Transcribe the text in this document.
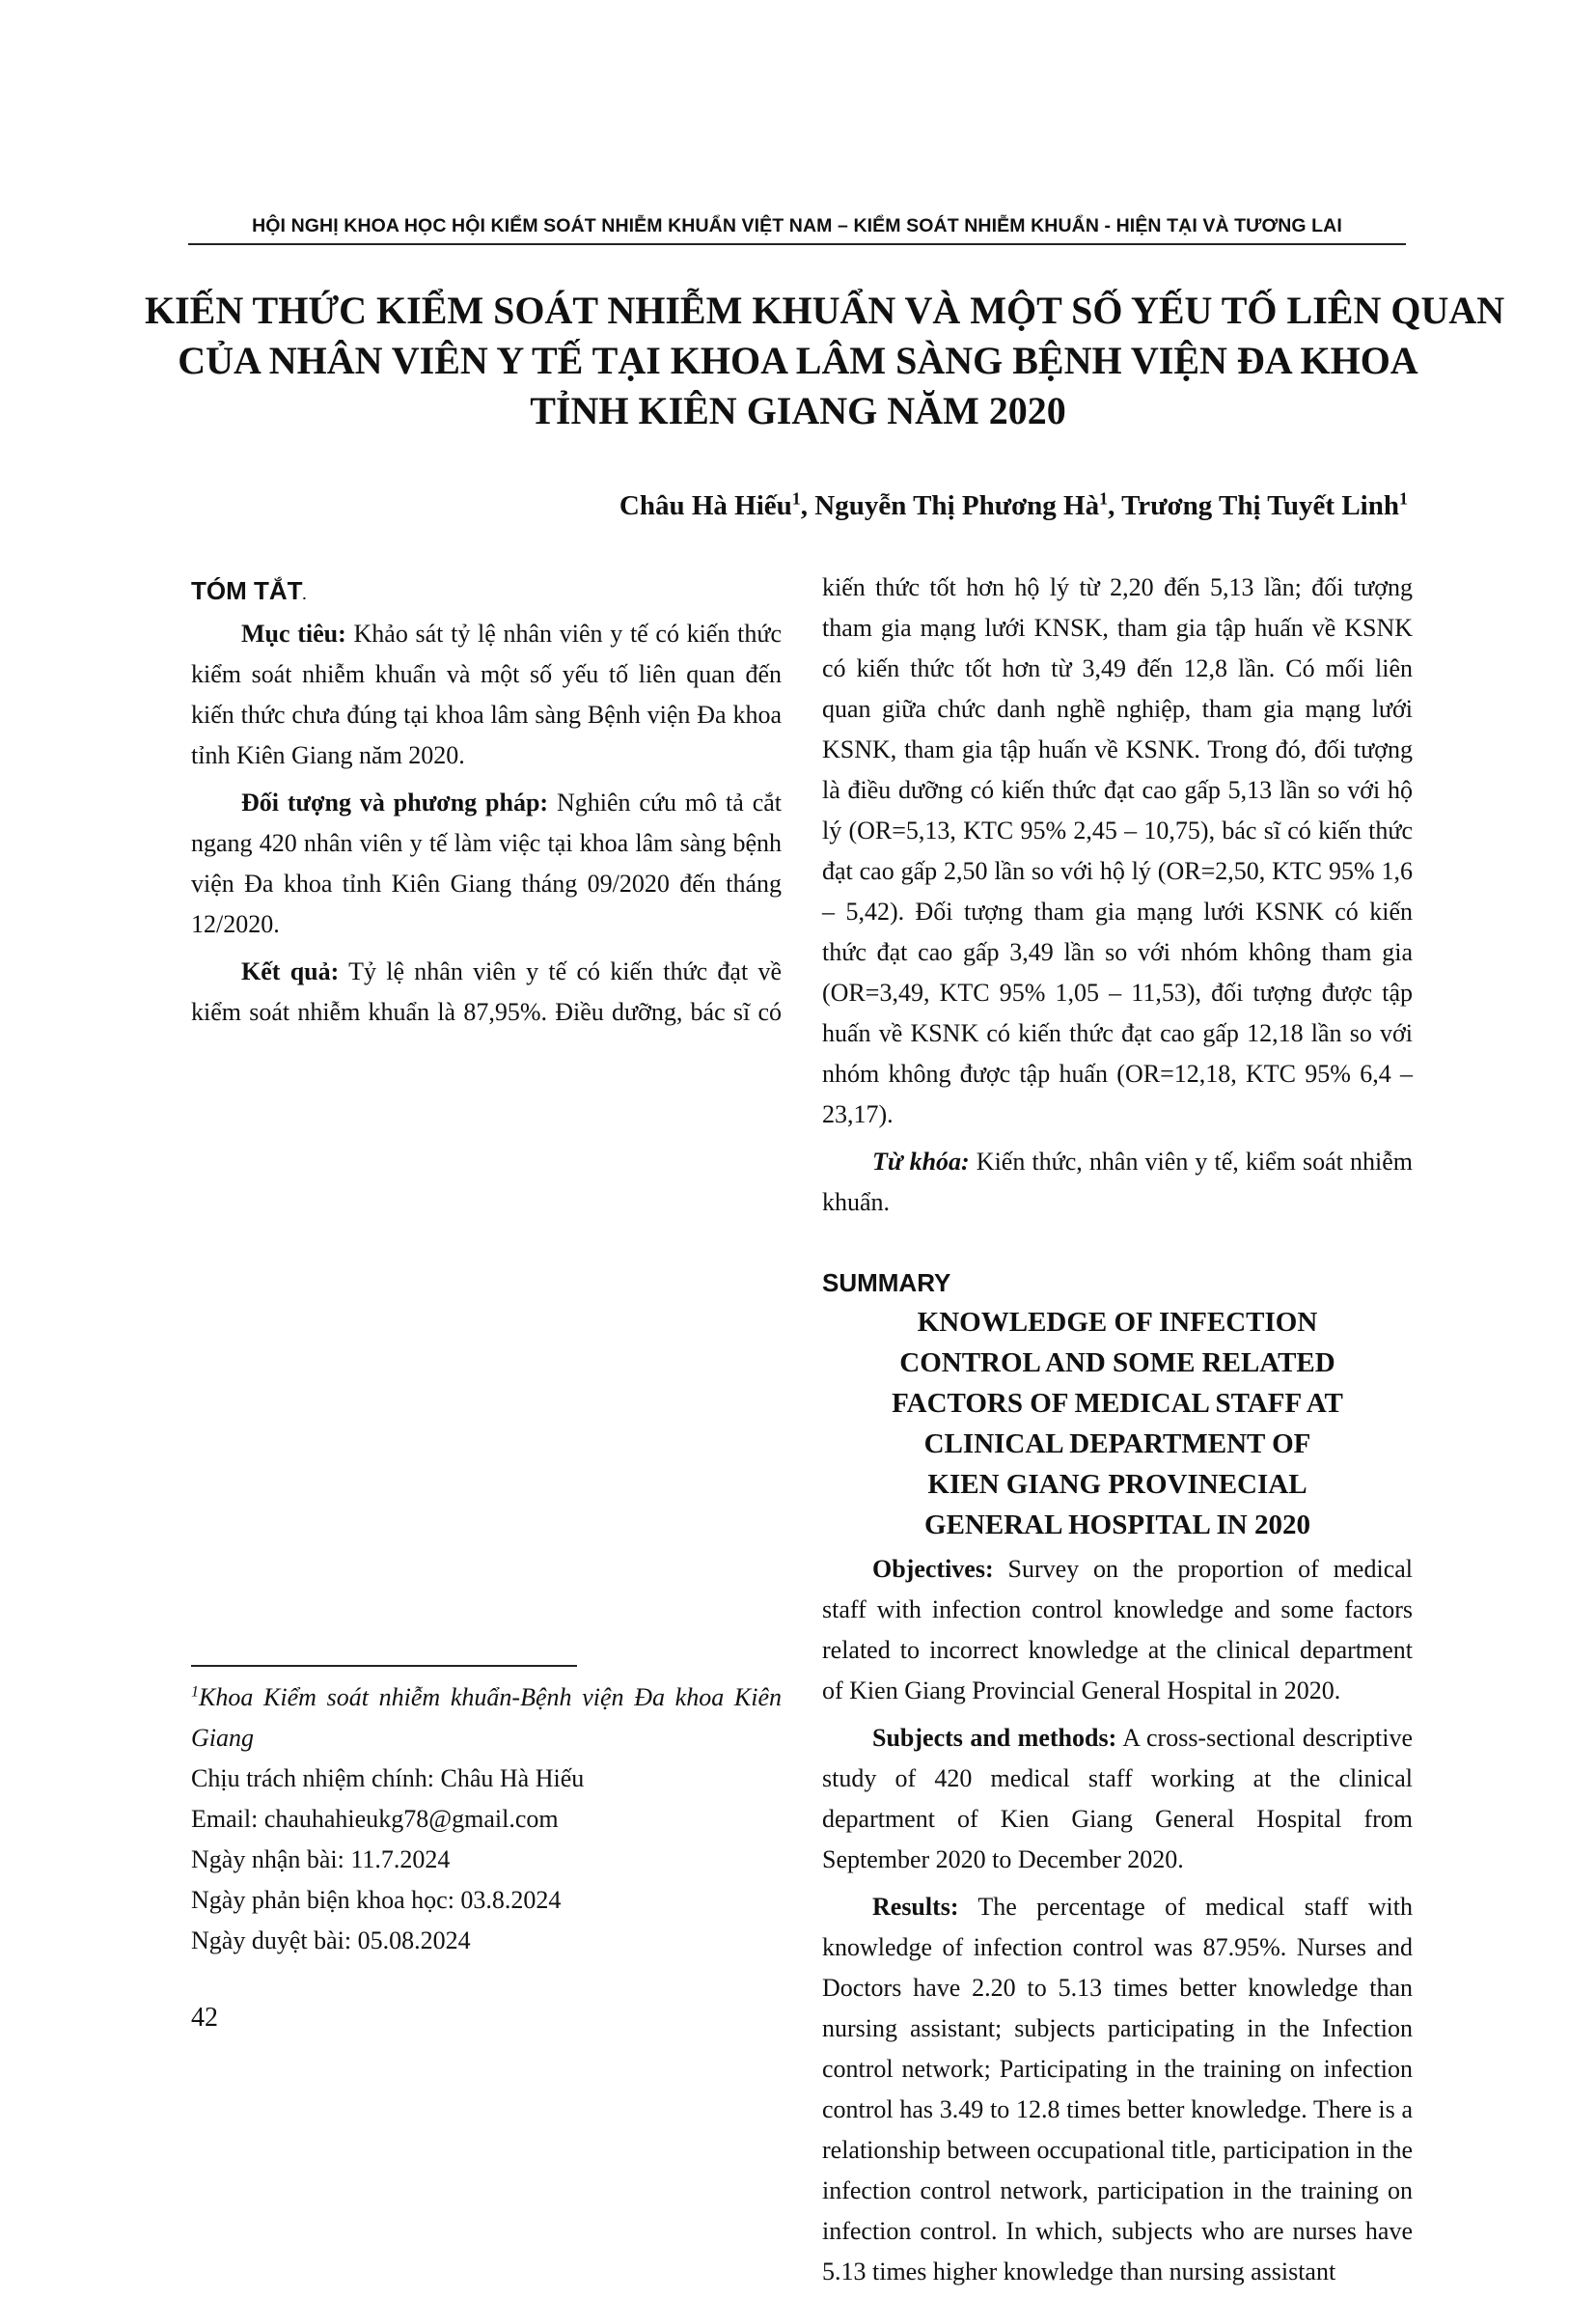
HỘI NGHỊ KHOA HỌC HỘI KIỂM SOÁT NHIỄM KHUẨN VIỆT NAM – KIỂM SOÁT NHIỄM KHUẨN - HIỆN TẠI VÀ TƯƠNG LAI
KIẾN THỨC KIỂM SOÁT NHIỄM KHUẨN VÀ MỘT SỐ YẾU TỐ LIÊN QUAN
CỦA NHÂN VIÊN Y TẾ TẠI KHOA LÂM SÀNG BỆNH VIỆN ĐA KHOA
TỈNH KIÊN GIANG NĂM 2020
Châu Hà Hiếu$^1$, Nguyễn Thị Phương $Hà^1$, Trương Thị Tuyết Linh$^1$
TÓM TẮT.

Mục tiêu: Khảo sát tỷ lệ nhân viên y tế có kiến thức kiểm soát nhiễm khuẩn và một số yếu tố liên quan đến kiến thức chưa đúng tại khoa lâm sàng Bệnh viện Đa khoa tỉnh Kiên Giang năm 2020.

Đối tượng và phương pháp: Nghiên cứu mô tả cắt ngang 420 nhân viên y tế làm việc tại khoa lâm sàng bệnh viện Đa khoa tỉnh Kiên Giang tháng 09/2020 đến tháng 12/2020.

Kết quả: Tỷ lệ nhân viên y tế có kiến thức đạt về kiểm soát nhiễm khuẩn là 87,95%. Điều dưỡng, bác sĩ có

kiến thức tốt hơn hộ lý từ 2,20 đến 5,13 lần; đối tượng tham gia mạng lưới KNSK, tham gia tập huấn về KSNK có kiến thức tốt hơn từ 3,49 đến 12,8 lần. Có mối liên quan giữa chức danh nghề nghiệp, tham gia mạng lưới KSNK, tham gia tập huấn về KSNK. Trong đó, đối tượng là điều dưỡng có kiến thức đạt cao gấp 5,13 lần so với hộ lý (OR=5,13, KTC 95% 2,45 – 10,75), bác sĩ có kiến thức đạt cao gấp 2,50 lần so với hộ lý (OR=2,50, KTC 95% 1,6 – 5,42). Đối tượng tham gia mạng lưới KSNK có kiến thức đạt cao gấp 3,49 lần so với nhóm không tham gia (OR=3,49, KTC 95% 1,05 – 11,53), đối tượng được tập huấn về KSNK có kiến thức đạt cao gấp 12,18 lần so với nhóm không được tập huấn (OR=12,18, KTC 95% 6,4 – 23,17).

Từ khóa: Kiến thức, nhân viên y tế, kiểm soát nhiễm khuẩn.

SUMMARY
KNOWLEDGE OF INFECTION
CONTROL AND SOME RELATED
FACTORS OF MEDICAL STAFF AT
CLINICAL DEPARTMENT OF
KIEN GIANG PROVINECIAL
GENERAL HOSPITAL IN 2020

Objectives: Survey on the proportion of medical staff with infection control knowledge and some factors related to incorrect knowledge at the clinical department of Kien Giang Provincial General Hospital in 2020.

Subjects and methods: A cross-sectional descriptive study of 420 medical staff working at the clinical department of Kien Giang General Hospital from September 2020 to December 2020.

Results: The percentage of medical staff with knowledge of infection control was 87.95%. Nurses and Doctors have 2.20 to 5.13 times better knowledge than nursing assistant; subjects participating in the Infection control network; Participating in the training on infection control has 3.49 to 12.8 times better knowledge. There is a relationship between occupational title, participation in the infection control network, participation in the training on infection control. In which, subjects who are nurses have 5.13 times higher knowledge than nursing assistant

$^1$Khoa Kiểm soát nhiễm khuẩn-Bệnh viện Đa khoa Kiên Giang
Chịu trách nhiệm chính: Châu Hà Hiếu
Email: chauhahieukg78@gmail.com
Ngày nhận bài: 11.7.2024
Ngày phản biện khoa học: 03.8.2024
Ngày duyệt bài: 05.08.2024
42
